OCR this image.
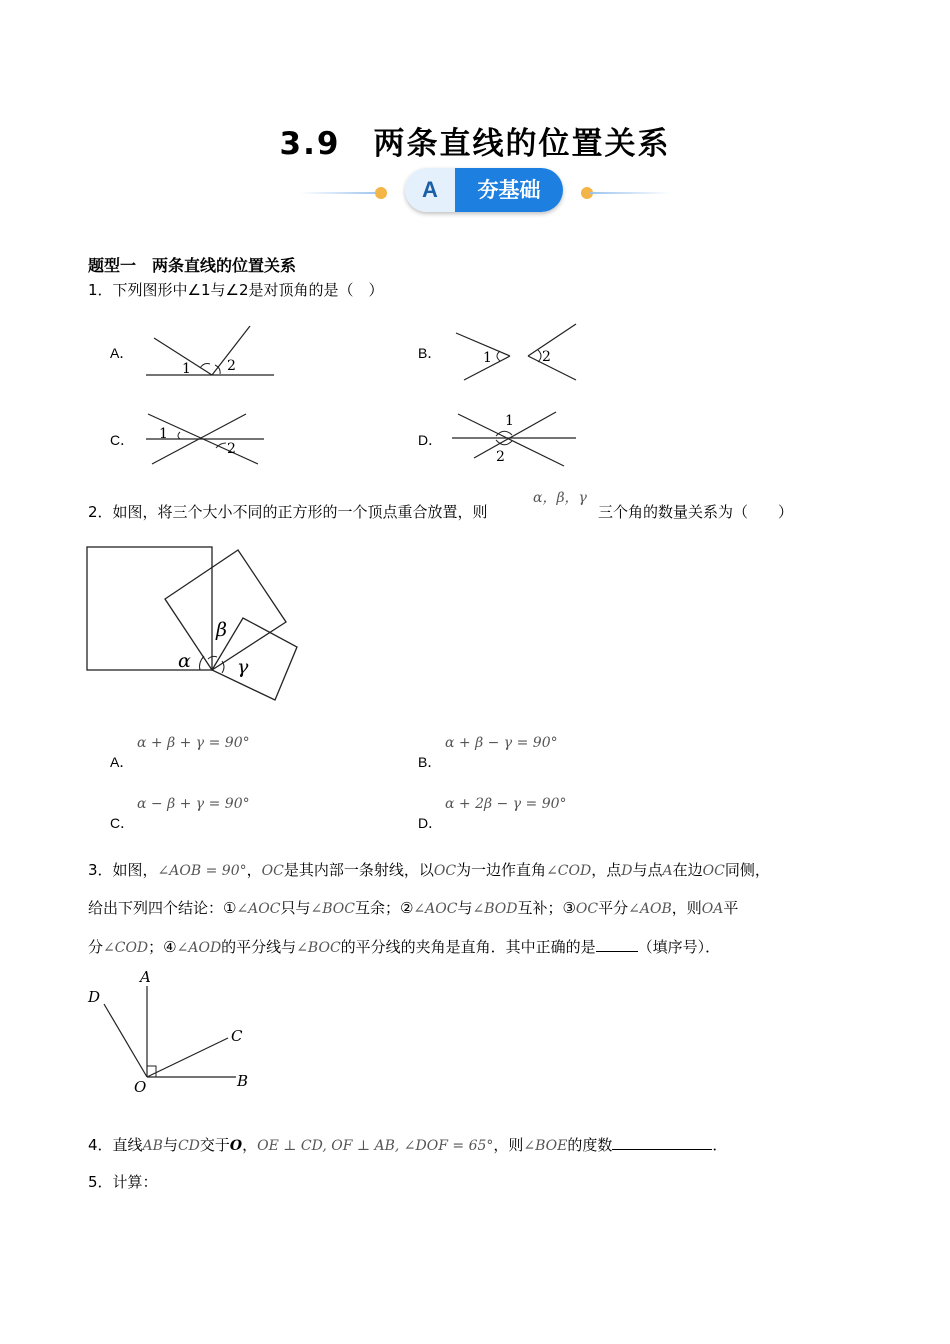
3.9　两条直线的位置关系
A	夯基础
题型一　两条直线的位置关系
1．下列图形中∠1与∠2是对顶角的是（　）
A．
1	2
B．	1	2
C． 1
2
D．
1
2
2．如图，将三个大小不同的正方形的一个顶点重合放置，则
α，β，γ
三个角的数量关系为（　　）
α
β
γ
α + β + γ = 90°
A．
α + β − γ = 90°
B．
α − β + γ = 90°
C．
α + 2β − γ = 90°
D．
3．如图，∠AOB = 90°，OC是其内部一条射线，以OC为一边作直角∠COD，点D与点A在边OC同侧，
给出下列四个结论：①∠AOC只与∠BOC互余；②∠AOC与∠BOD互补；③OC平分∠AOB，则OA平
分∠COD；④∠AOD的平分线与∠BOC的平分线的夹角是直角．其中正确的是	（填序号）．
A
B
C
D
O
4．直线AB与CD交于O，OE ⊥ CD, OF ⊥ AB, ∠DOF = 65°，则∠BOE的度数	．
5．计算：
